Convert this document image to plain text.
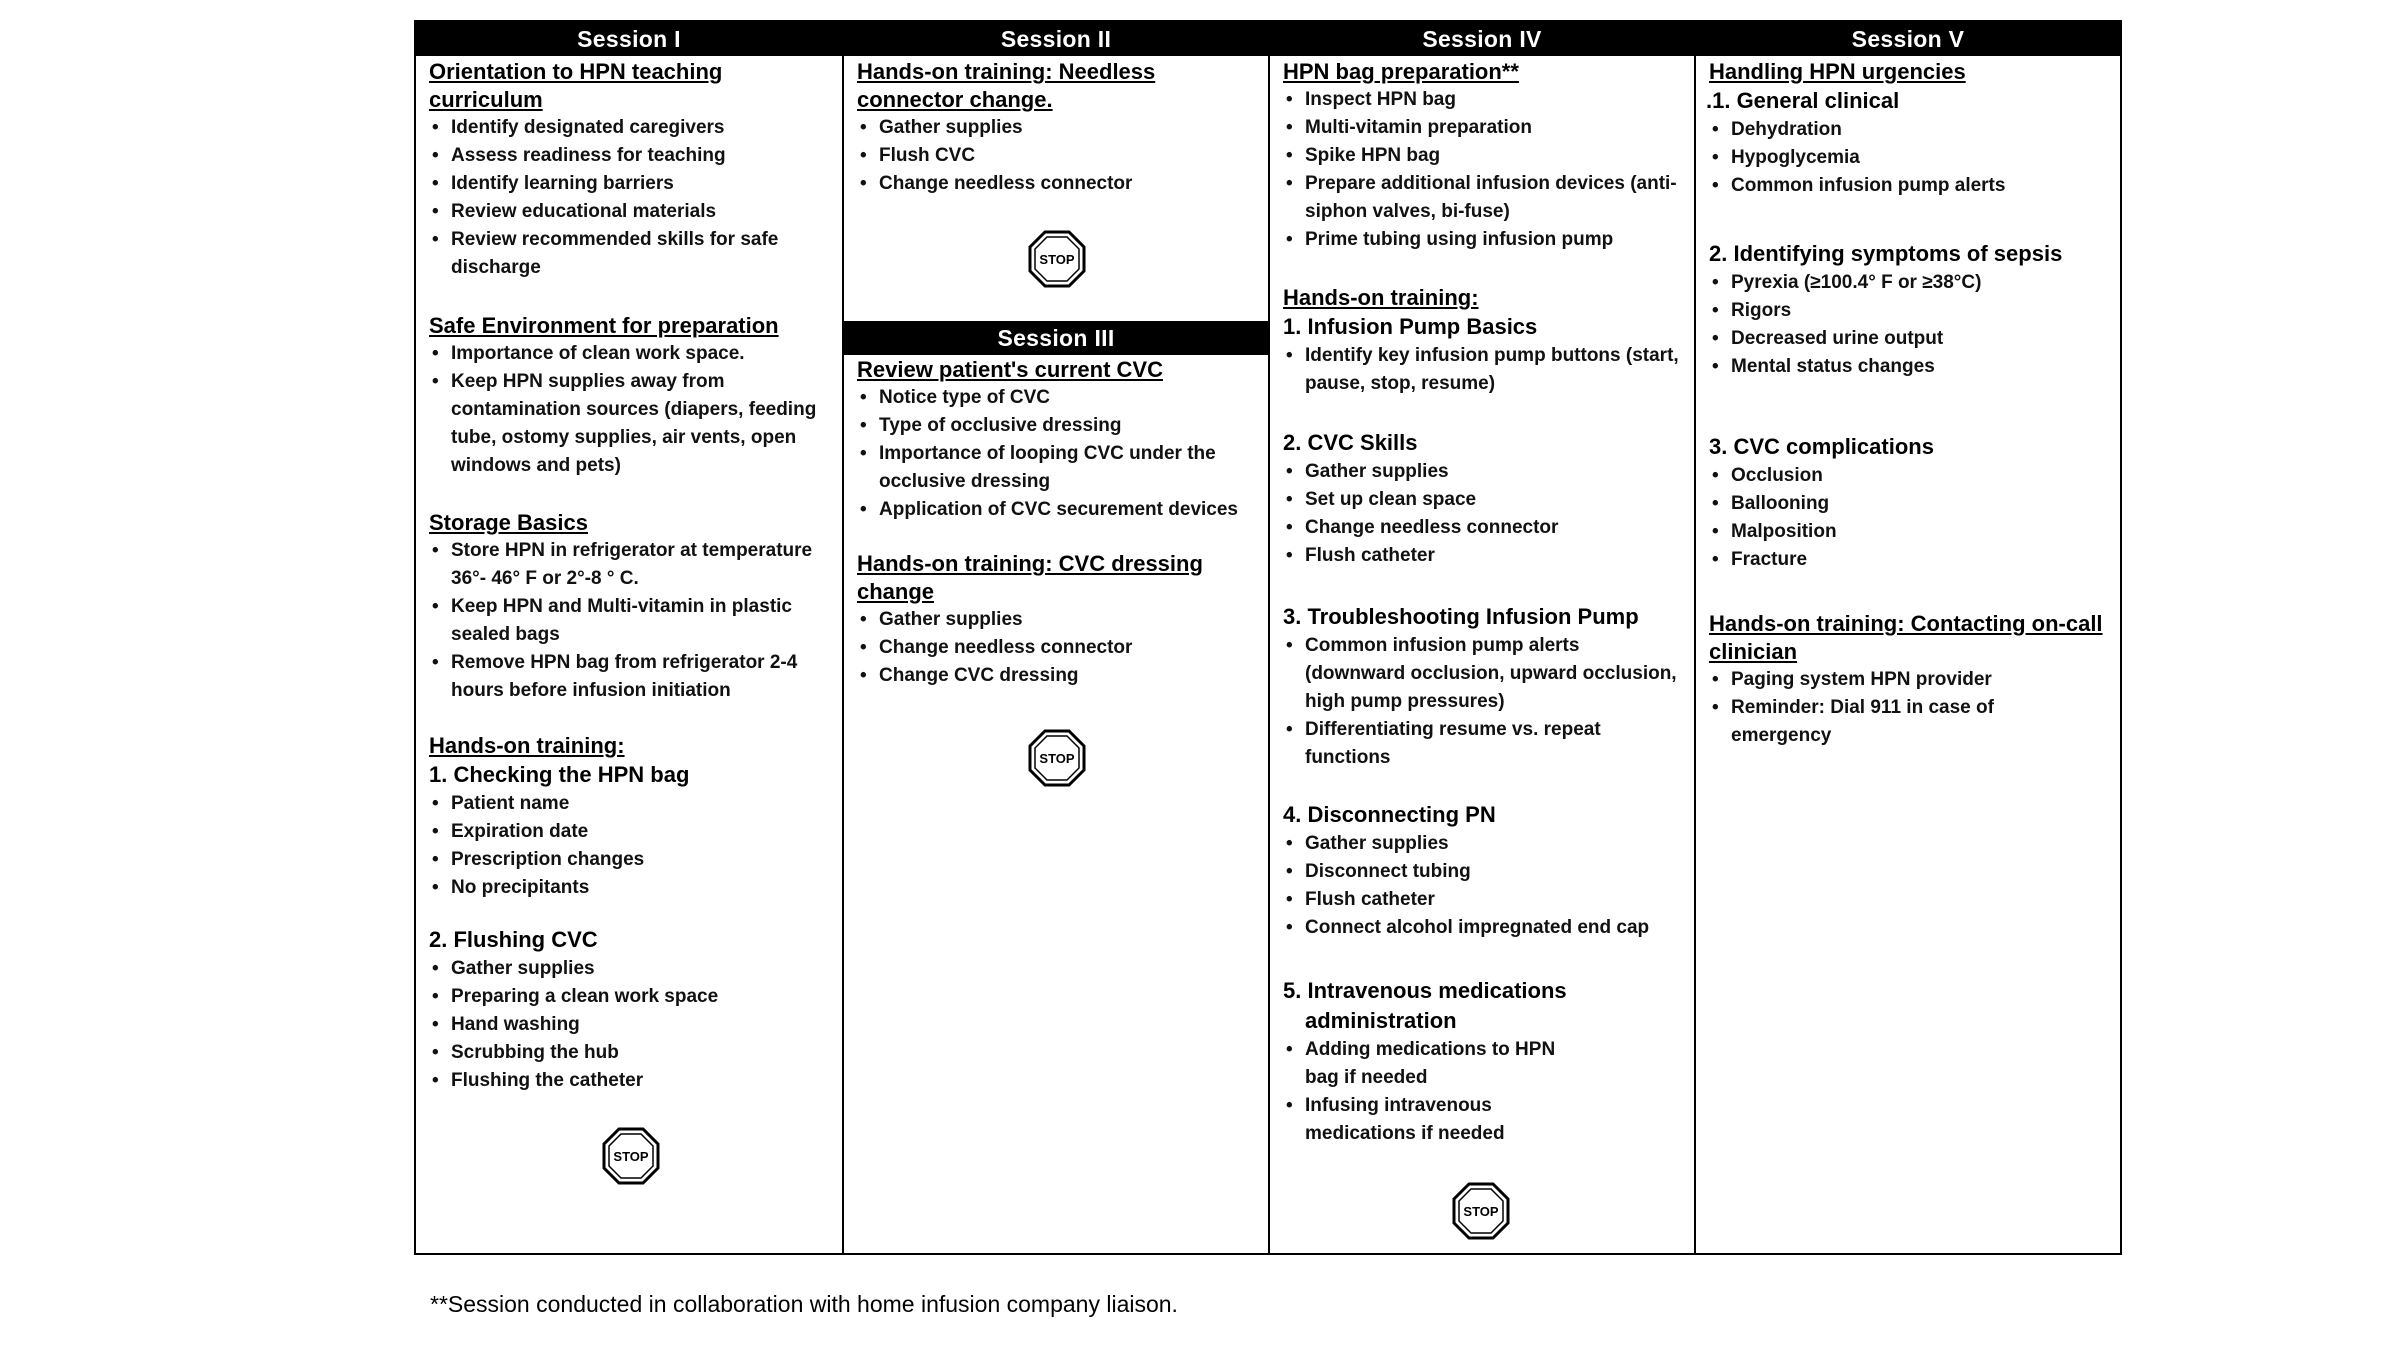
Session I
Orientation to HPN teaching curriculum
• Identify designated caregivers
• Assess readiness for teaching
• Identify learning barriers
• Review educational materials
• Review recommended skills for safe discharge
Safe Environment for preparation
• Importance of clean work space.
• Keep HPN supplies away from contamination sources (diapers, feeding tube, ostomy supplies, air vents, open windows and pets)
Storage Basics
• Store HPN in refrigerator at temperature 36°- 46° F or 2°-8 ° C.
• Keep HPN and Multi-vitamin in plastic sealed bags
• Remove HPN bag from refrigerator 2-4 hours before infusion initiation
Hands-on training:
1. Checking the HPN bag
• Patient name
• Expiration date
• Prescription changes
• No precipitants
2. Flushing CVC
• Gather supplies
• Preparing a clean work space
• Hand washing
• Scrubbing the hub
• Flushing the catheter
STOP
Session II
Hands-on training: Needless connector change.
• Gather supplies
• Flush CVC
• Change needless connector
STOP
Session III
Review patient's current CVC
• Notice type of CVC
• Type of occlusive dressing
• Importance of looping CVC under the occlusive dressing
• Application of CVC securement devices
Hands-on training: CVC dressing change
• Gather supplies
• Change needless connector
• Change CVC dressing
STOP
Session IV
HPN bag preparation**
• Inspect HPN bag
• Multi-vitamin preparation
• Spike HPN bag
• Prepare additional infusion devices (anti-siphon valves, bi-fuse)
• Prime tubing using infusion pump
Hands-on training:
1. Infusion Pump Basics
• Identify key infusion pump buttons (start, pause, stop, resume)
2. CVC Skills
• Gather supplies
• Set up clean space
• Change needless connector
• Flush catheter
3. Troubleshooting Infusion Pump
• Common infusion pump alerts (downward occlusion, upward occlusion, high pump pressures)
• Differentiating resume vs. repeat functions
4. Disconnecting PN
• Gather supplies
• Disconnect tubing
• Flush catheter
• Connect alcohol impregnated end cap
5. Intravenous medications administration
• Adding medications to HPN bag if needed
• Infusing intravenous medications if needed
STOP
Session V
Handling HPN urgencies
.1. General clinical
• Dehydration
• Hypoglycemia
• Common infusion pump alerts
2. Identifying symptoms of sepsis
• Pyrexia (≥100.4° F or ≥38°C)
• Rigors
• Decreased urine output
• Mental status changes
3. CVC complications
• Occlusion
• Ballooning
• Malposition
• Fracture
Hands-on training: Contacting on-call clinician
• Paging system HPN provider
• Reminder: Dial 911 in case of emergency
**Session conducted in collaboration with home infusion company liaison.
